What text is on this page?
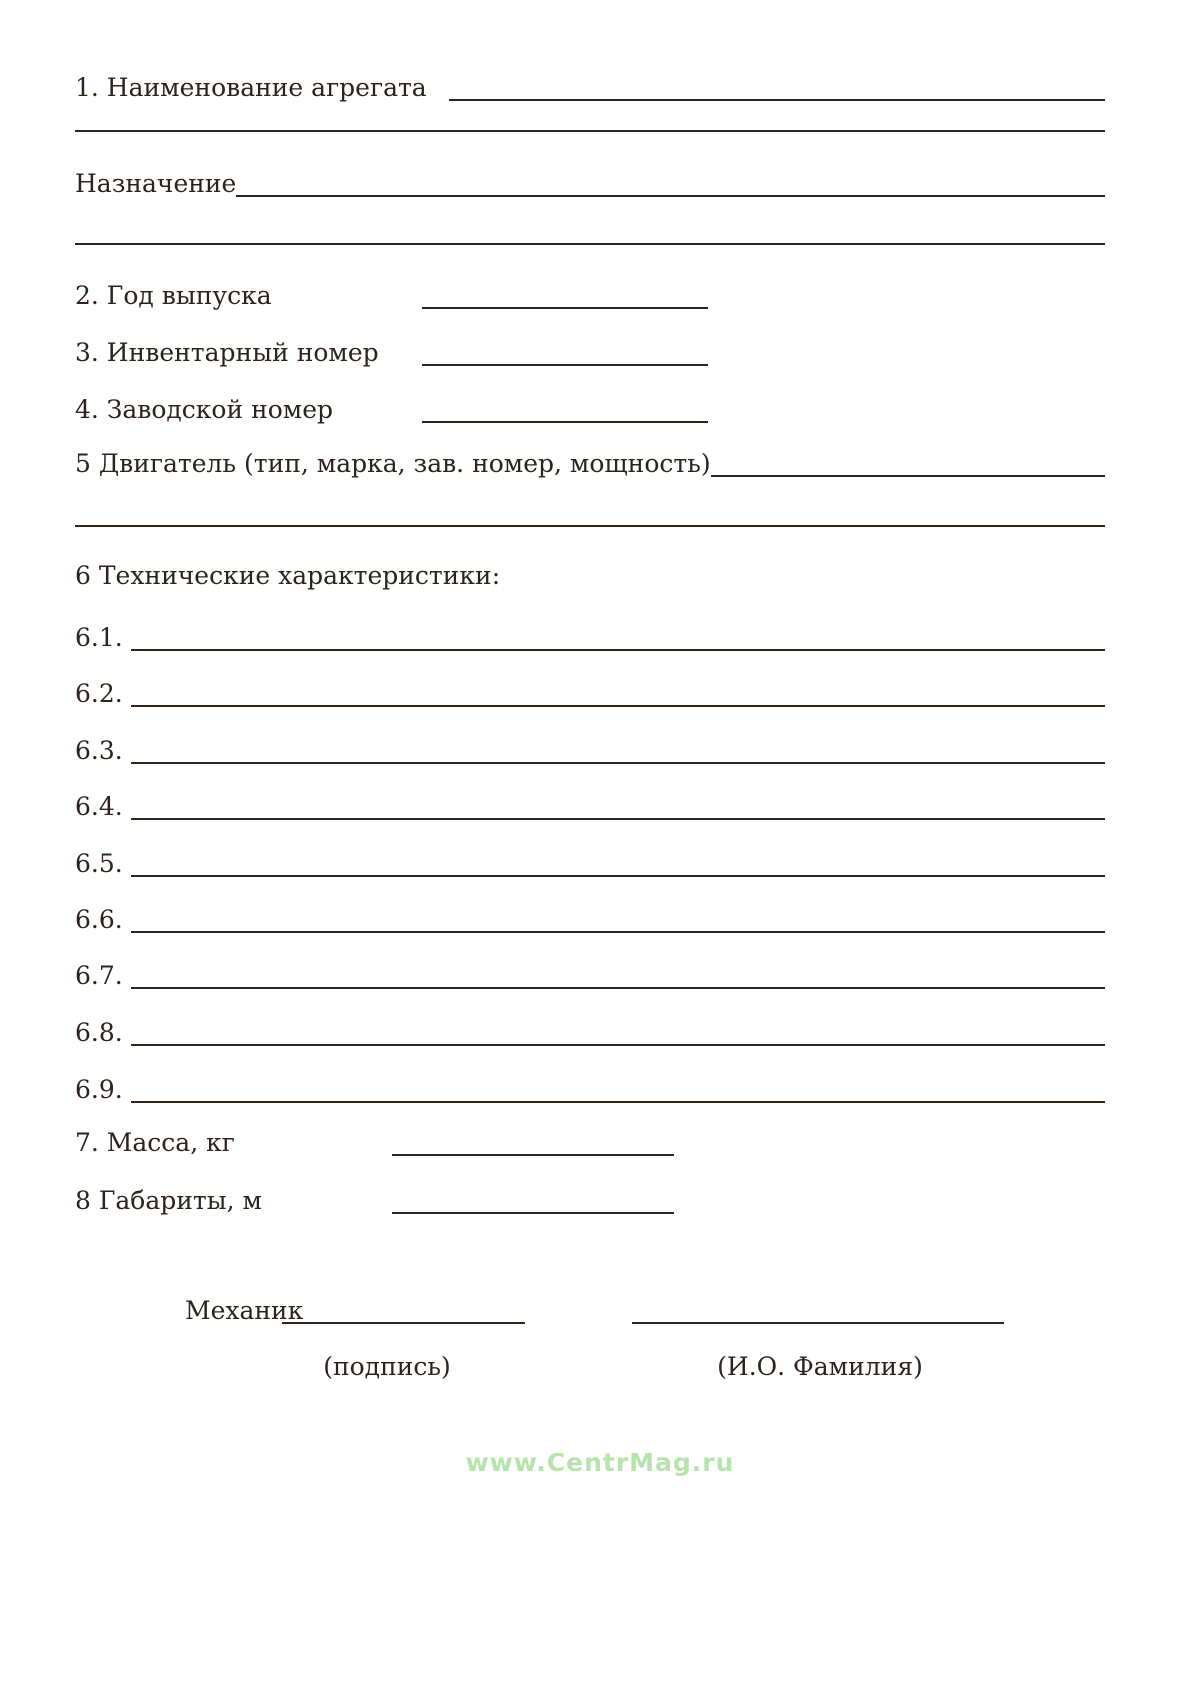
1. Наименование агрегата
Назначение
2. Год выпуска
3. Инвентарный номер
4. Заводской номер
5 Двигатель (тип, марка, зав. номер, мощность)
6 Технические характеристики:
6.1.
6.2.
6.3.
6.4.
6.5.
6.6.
6.7.
6.8.
6.9.
7. Масса, кг
8 Габариты, м
Механик
(подпись)	(И.О. Фамилия)
www.CentrMag.ru
